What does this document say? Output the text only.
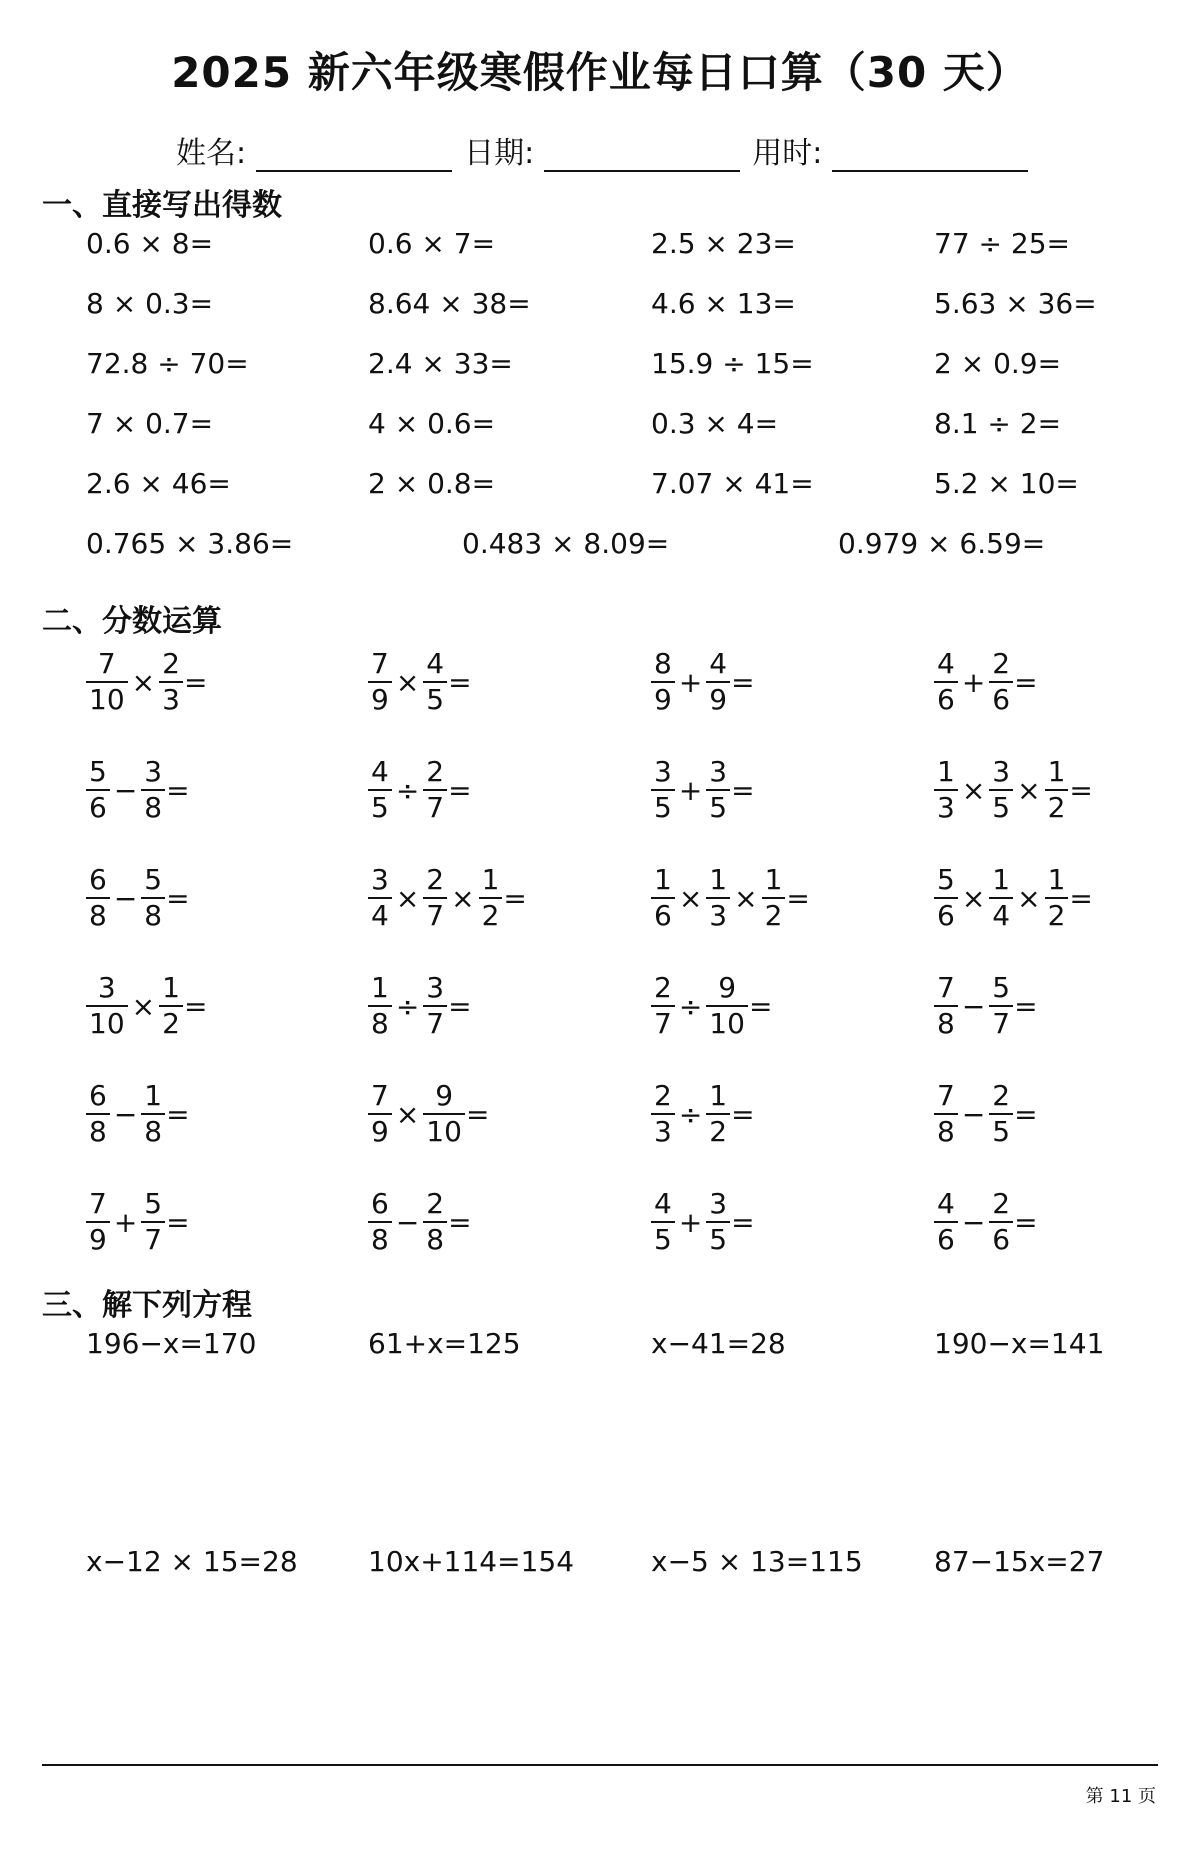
2025 新六年级寒假作业每日口算（30 天）
姓名:	日期:	用时:
一、直接写出得数
0.6 × 8=	0.6 × 7=	2.5 × 23=	77 ÷ 25=
8 × 0.3=	8.64 × 38=	4.6 × 13=	5.63 × 36=
72.8 ÷ 70=	2.4 × 33=	15.9 ÷ 15=	2 × 0.9=
7 × 0.7=	4 × 0.6=	0.3 × 4=	8.1 ÷ 2=
2.6 × 46=	2 × 0.8=	7.07 × 41=	5.2 × 10=
0.765 × 3.86=	0.483 × 8.09=	0.979 × 6.59=
二、分数运算
$\frac{7}{10} \times \frac{2}{3}$ =	$\frac{7}{9} \times \frac{4}{5}$ =	$\frac{8}{9} + \frac{4}{9}$ =	$\frac{4}{6} + \frac{2}{6}$ =
$\frac{5}{6} - \frac{3}{8}$ =	$\frac{4}{5} \div \frac{2}{7}$ =	$\frac{3}{5} + \frac{3}{5}$ =	$\frac{1}{3} \times \frac{3}{5} \times \frac{1}{2}$ =
$\frac{6}{8} - \frac{5}{8}$ =	$\frac{3}{4} \times \frac{2}{7} \times \frac{1}{2}$ =	$\frac{1}{6} \times \frac{1}{3} \times \frac{1}{2}$ =	$\frac{5}{6} \times \frac{1}{4} \times \frac{1}{2}$ =
$\frac{3}{10} \times \frac{1}{2}$ =	$\frac{1}{8} \div \frac{3}{7}$ =	$\frac{2}{7} \div \frac{9}{10}$ =	$\frac{7}{8} - \frac{5}{7}$ =
$\frac{6}{8} - \frac{1}{8}$ =	$\frac{7}{9} \times \frac{9}{10}$ =	$\frac{2}{3} \div \frac{1}{2}$ =	$\frac{7}{8} - \frac{2}{5}$ =
$\frac{7}{9} + \frac{5}{7}$ =	$\frac{6}{8} - \frac{2}{8}$ =	$\frac{4}{5} + \frac{3}{5}$ =	$\frac{4}{6} - \frac{2}{6}$ =
三、解下列方程
196−x=170	61+x=125	x−41=28	190−x=141
x−12 × 15=28	10x+114=154	x−5 × 13=115	87−15x=27
第 11 页
